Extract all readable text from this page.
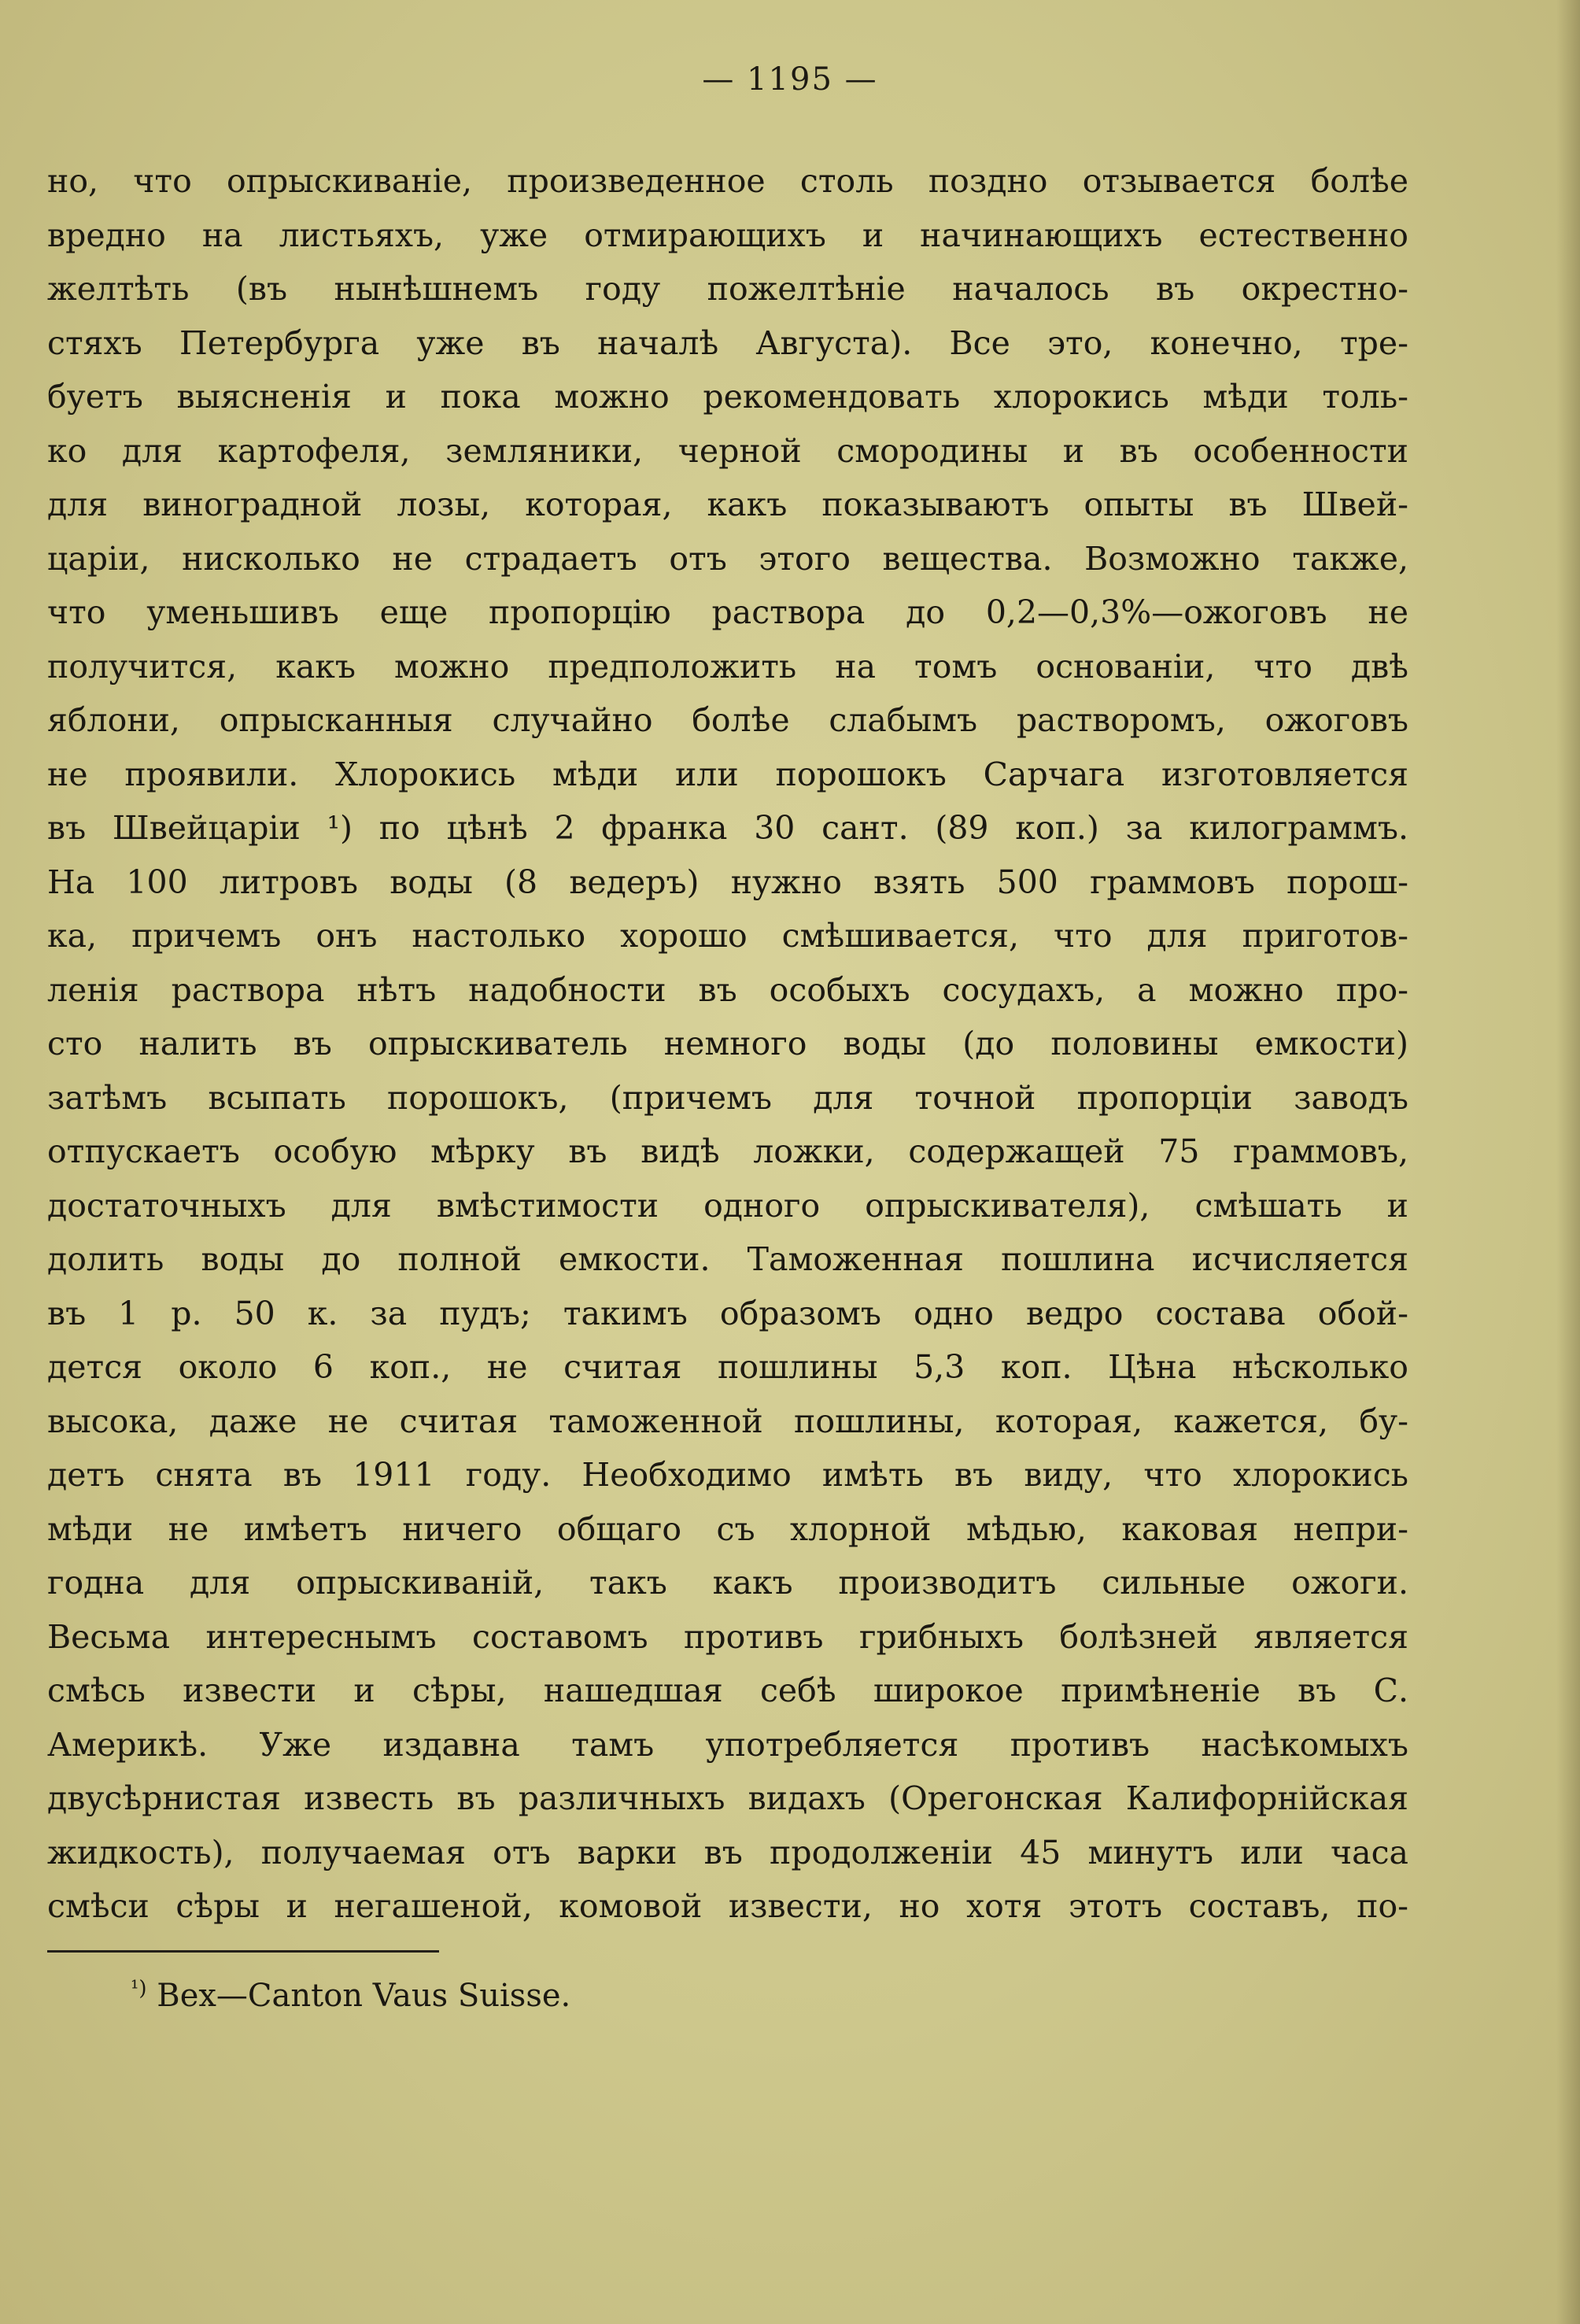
— 1195 —
но, что опрыскиванiе, произведенное столь поздно отзывается болѣе
вредно на листьяхъ, уже отмирающихъ и начинающихъ естественно
желтѣть (въ нынѣшнемъ году пожелтѣнiе началось въ окрестно-
стяхъ Петербурга уже въ началѣ Августа). Все это, конечно, тре-
буетъ выясненiя и пока можно рекомендовать хлорокись мѣди толь-
ко для картофеля, земляники, черной смородины и въ особенности
для виноградной лозы, которая, какъ показываютъ опыты въ Швей-
царiи, нисколько не страдаетъ отъ этого вещества. Возможно также,
что уменьшивъ еще пропорцiю раствора до 0,2—0,3%—ожоговъ не
получится, какъ можно предположить на томъ основанiи, что двѣ
яблони, опрысканныя случайно болѣе слабымъ растворомъ, ожоговъ
не проявили. Хлорокись мѣди или порошокъ Сарчага изготовляется
въ Швейцарiи ¹) по цѣнѣ 2 франка 30 сант. (89 коп.) за килограммъ.
На 100 литровъ воды (8 ведеръ) нужно взять 500 граммовъ порош-
ка, причемъ онъ настолько хорошо смѣшивается, что для приготов-
ленiя раствора нѣтъ надобности въ особыхъ сосудахъ, а можно про-
сто налить въ опрыскиватель немного воды (до половины емкости)
затѣмъ всыпать порошокъ, (причемъ для точной пропорцiи заводъ
отпускаетъ особую мѣрку въ видѣ ложки, содержащей 75 граммовъ,
достаточныхъ для вмѣстимости одного опрыскивателя), смѣшать и
долить воды до полной емкости. Таможенная пошлина исчисляется
въ 1 р. 50 к. за пудъ; такимъ образомъ одно ведро состава обой-
дется около 6 коп., не считая пошлины 5,3 коп. Цѣна нѣсколько
высока, даже не считая таможенной пошлины, которая, кажется, бу-
детъ снята въ 1911 году. Необходимо имѣть въ виду, что хлорокись
мѣди не имѣетъ ничего общаго съ хлорной мѣдью, каковая непри-
годна для опрыскиванiй, такъ какъ производитъ сильные ожоги.
Весьма интереснымъ составомъ противъ грибныхъ болѣзней является
смѣсь извести и сѣры, нашедшая себѣ широкое примѣненiе въ С.
Америкѣ. Уже издавна тамъ употребляется противъ насѣкомыхъ
двусѣрнистая известь въ различныхъ видахъ (Орегонская Калифорнiйская
жидкость), получаемая отъ варки въ продолженiи 45 минутъ или часа
смѣси сѣры и негашеной, комовой извести, но хотя этотъ составъ, по-
$^{^1)}$ Bex—Canton Vaus Suisse.
